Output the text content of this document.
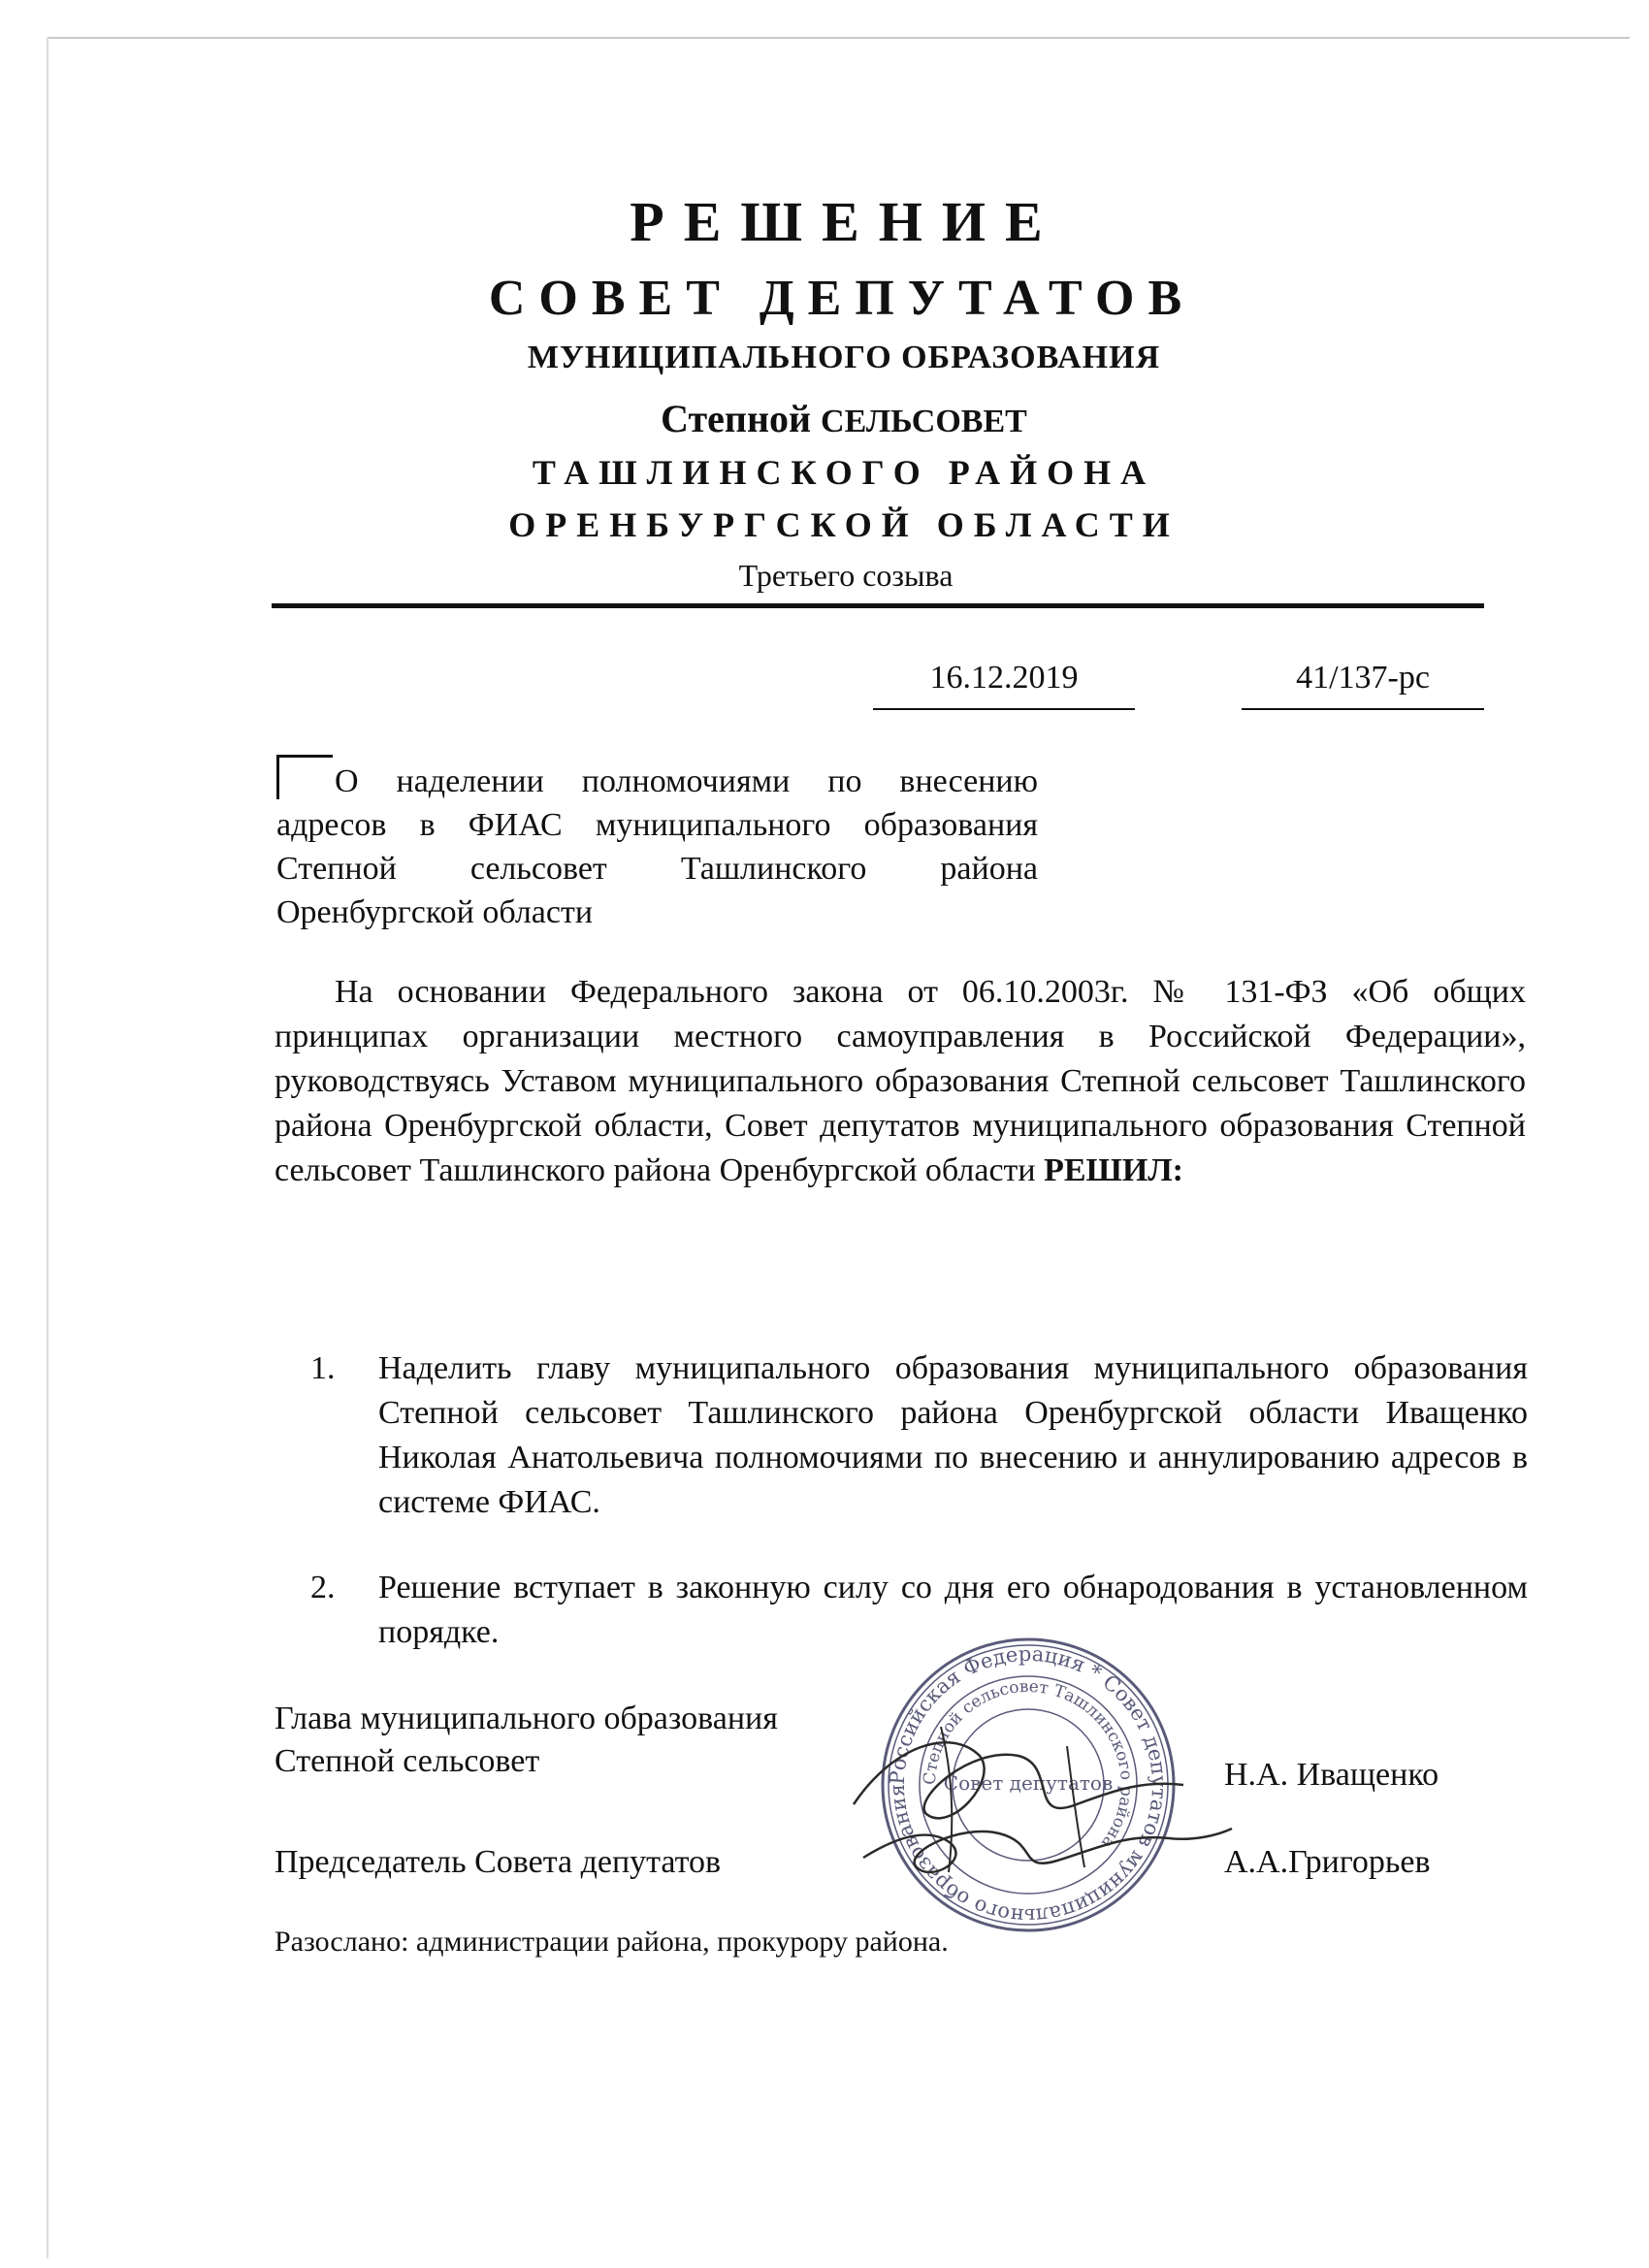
РЕШЕНИЕ
СОВЕТ ДЕПУТАТОВ
МУНИЦИПАЛЬНОГО ОБРАЗОВАНИЯ
Степной СЕЛЬСОВЕТ
ТАШЛИНСКОГО РАЙОНА
ОРЕНБУРГСКОЙ ОБЛАСТИ
Третьего созыва
16.12.2019	41/137-рс
О наделении полномочиями по внесению адресов в ФИАС муниципального образования Степной сельсовет Ташлинского района Оренбургской области
На основании Федерального закона от 06.10.2003г. № 131-ФЗ «Об общих принципах организации местного самоуправления в Российской Федерации», руководствуясь Уставом муниципального образования Степной сельсовет Ташлинского района Оренбургской области, Совет депутатов муниципального образования Степной сельсовет Ташлинского района Оренбургской области РЕШИЛ:
1. Наделить главу муниципального образования муниципального образования Степной сельсовет Ташлинского района Оренбургской области Иващенко Николая Анатольевича полномочиями по внесению и аннулированию адресов в системе ФИАС.
2. Решение вступает в законную силу со дня его обнародования в установленном порядке.
Глава муниципального образования
Степной сельсовет	Н.А. Иващенко
Председатель Совета депутатов	А.А.Григорьев
Российская Федерация * Совет депутатов муниципального образования
Степной сельсовет Ташлинского района
Совет депутатов
Разослано: администрации района, прокурору района.
